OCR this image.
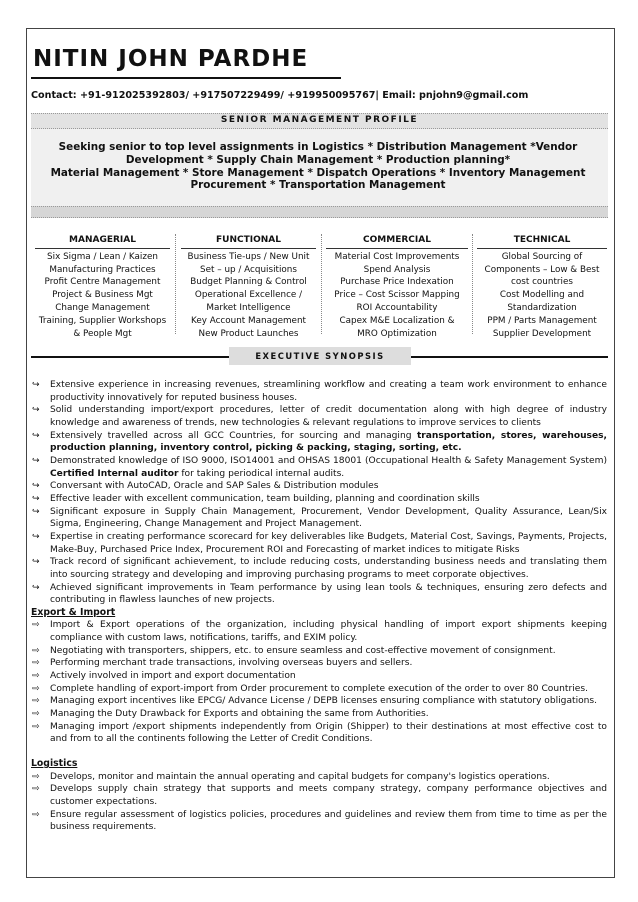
NITIN JOHN PARDHE
Contact: +91-912025392803/ +917507229499/ +919950095767| Email: pnjohn9@gmail.com
SENIOR MANAGEMENT PROFILE
Seeking senior to top level assignments in Logistics * Distribution Management *Vendor
Development * Supply Chain Management * Production planning*
Material Management * Store Management * Dispatch Operations * Inventory Management
Procurement * Transportation Management
MANAGERIAL
Six Sigma / Lean / Kaizen
Manufacturing Practices
Profit Centre Management
Project & Business Mgt
Change Management
Training, Supplier Workshops
& People Mgt
FUNCTIONAL
Business Tie-ups / New Unit
Set – up / Acquisitions
Budget Planning & Control
Operational Excellence /
Market Intelligence
Key Account Management
New Product Launches
COMMERCIAL
Material Cost Improvements
Spend Analysis
Purchase Price Indexation
Price – Cost Scissor Mapping
ROI Accountability
Capex M&E Localization &
MRO Optimization
TECHNICAL
Global Sourcing of
Components – Low & Best
cost countries
Cost Modelling and
Standardization
PPM / Parts Management
Supplier Development
EXECUTIVE SYNOPSIS
↪ Extensive experience in increasing revenues, streamlining workflow and creating a team work environment to enhance productivity innovatively for reputed business houses.
↪ Solid understanding import/export procedures, letter of credit documentation along with high degree of industry knowledge and awareness of trends, new technologies & relevant regulations to improve services to clients
↪ Extensively travelled across all GCC Countries, for sourcing and managing transportation, stores, warehouses, production planning, inventory control, picking & packing, staging, sorting, etc.
↪ Demonstrated knowledge of ISO 9000, ISO14001 and OHSAS 18001 (Occupational Health & Safety Management System) Certified Internal auditor for taking periodical internal audits.
↪ Conversant with AutoCAD, Oracle and SAP Sales & Distribution modules
↪ Effective leader with excellent communication, team building, planning and coordination skills
↪ Significant exposure in Supply Chain Management, Procurement, Vendor Development, Quality Assurance, Lean/Six Sigma, Engineering, Change Management and Project Management.
↪ Expertise in creating performance scorecard for key deliverables like Budgets, Material Cost, Savings, Payments, Projects, Make-Buy, Purchased Price Index, Procurement ROI and Forecasting of market indices to mitigate Risks
↪ Track record of significant achievement, to include reducing costs, understanding business needs and translating them into sourcing strategy and developing and improving purchasing programs to meet corporate objectives.
↪ Achieved significant improvements in Team performance by using lean tools & techniques, ensuring zero defects and contributing in flawless launches of new projects.
Export & Import
⇨ Import & Export operations of the organization, including physical handling of import export shipments keeping compliance with custom laws, notifications, tariffs, and EXIM policy.
⇨ Negotiating with transporters, shippers, etc. to ensure seamless and cost-effective movement of consignment.
⇨ Performing merchant trade transactions, involving overseas buyers and sellers.
⇨ Actively involved in import and export documentation
⇨ Complete handling of export-import from Order procurement to complete execution of the order to over 80 Countries.
⇨ Managing export incentives like EPCG/ Advance License / DEPB licenses ensuring compliance with statutory obligations.
⇨ Managing the Duty Drawback for Exports and obtaining the same from Authorities.
⇨ Managing import /export shipments independently from Origin (Shipper) to their destinations at most effective cost to and from to all the continents following the Letter of Credit Conditions.
Logistics
⇨ Develops, monitor and maintain the annual operating and capital budgets for company's logistics operations.
⇨ Develops supply chain strategy that supports and meets company strategy, company performance objectives and customer expectations.
⇨ Ensure regular assessment of logistics policies, procedures and guidelines and review them from time to time as per the business requirements.
